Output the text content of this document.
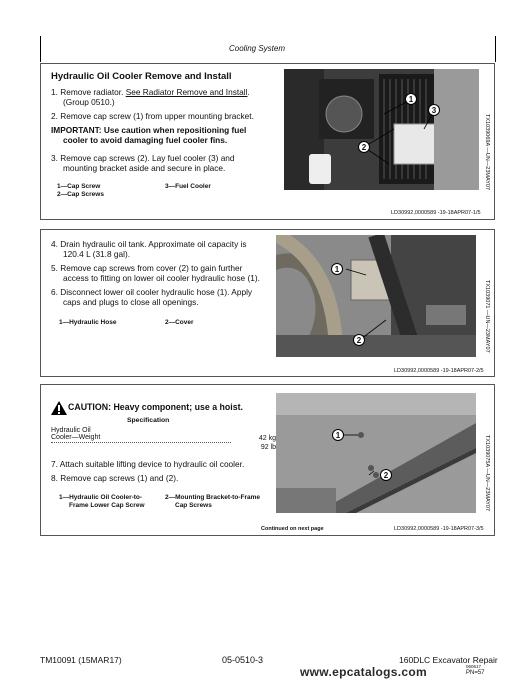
Cooling System
Hydraulic Oil Cooler Remove and Install
1. Remove radiator. See Radiator Remove and Install.
(Group 0510.)
2. Remove cap screw (1) from upper mounting bracket.
IMPORTANT: Use caution when repositioning fuel
cooler to avoid damaging fuel cooler fins.
3. Remove cap screws (2). Lay fuel cooler (3) and
mounting bracket aside and secure in place.
1—Cap Screw
2—Cap Screws
3—Fuel Cooler
1
2
3
TX1039069A —UN—23MAY07
LD30992,0000589 -19-18APR07-1/5
4. Drain hydraulic oil tank. Approximate oil capacity is
120.4 L (31.8 gal).
5. Remove cap screws from cover (2) to gain further
access to fitting on lower oil cooler hydraulic hose (1).
6. Disconnect lower oil cooler hydraulic hose (1). Apply
caps and plugs to close all openings.
1—Hydraulic Hose	2—Cover
1
2	TX1039071 —UN—23MAY07
LD30992,0000589 -19-18APR07-2/5
CAUTION: Heavy component; use a hoist.
Specification
Hydraulic Oil
Cooler—Weight	42 kg
92 lb
7. Attach suitable lifting device to hydraulic oil cooler.
8. Remove cap screws (1) and (2).
1—Hydraulic Oil Cooler-to-
Frame Lower Cap Screw
2—Mounting Bracket-to-Frame
Cap Screws
Continued on next page
1
2	TX1039075A —UN—23MAY07
LD30992,0000589 -19-18APR07-3/5
TM10091 (15MAR17)	05-0510-3	160DLC Excavator Repair
060617
PN=57
www.epcatalogs.com
